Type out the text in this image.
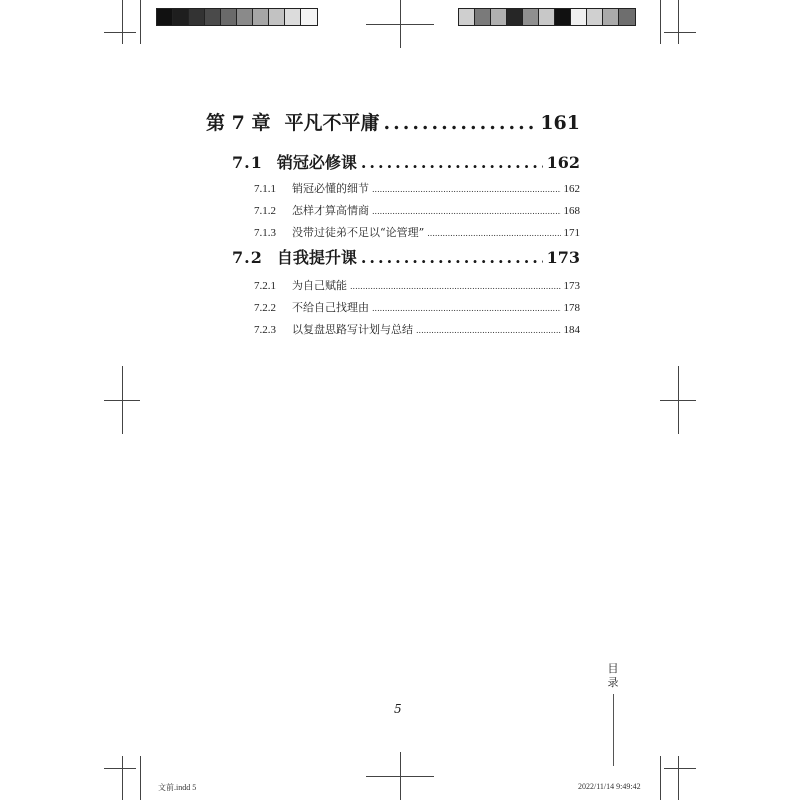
第 7 章 平凡不平庸 .....	161
7.1 销冠必修课 .....	162
7.1.1	销冠必懂的细节 .....	162
7.1.2	怎样才算高情商 .....	168
7.1.3	没带过徒弟不足以“论管理” .....	171
7.2 自我提升课 .....	173
7.2.1	为自己赋能 .....	173
7.2.2	不给自己找理由 .....	178
7.2.3	以复盘思路写计划与总结 .....	184
目
录
5
文前.indd 5	2022/11/14 9:49:42
